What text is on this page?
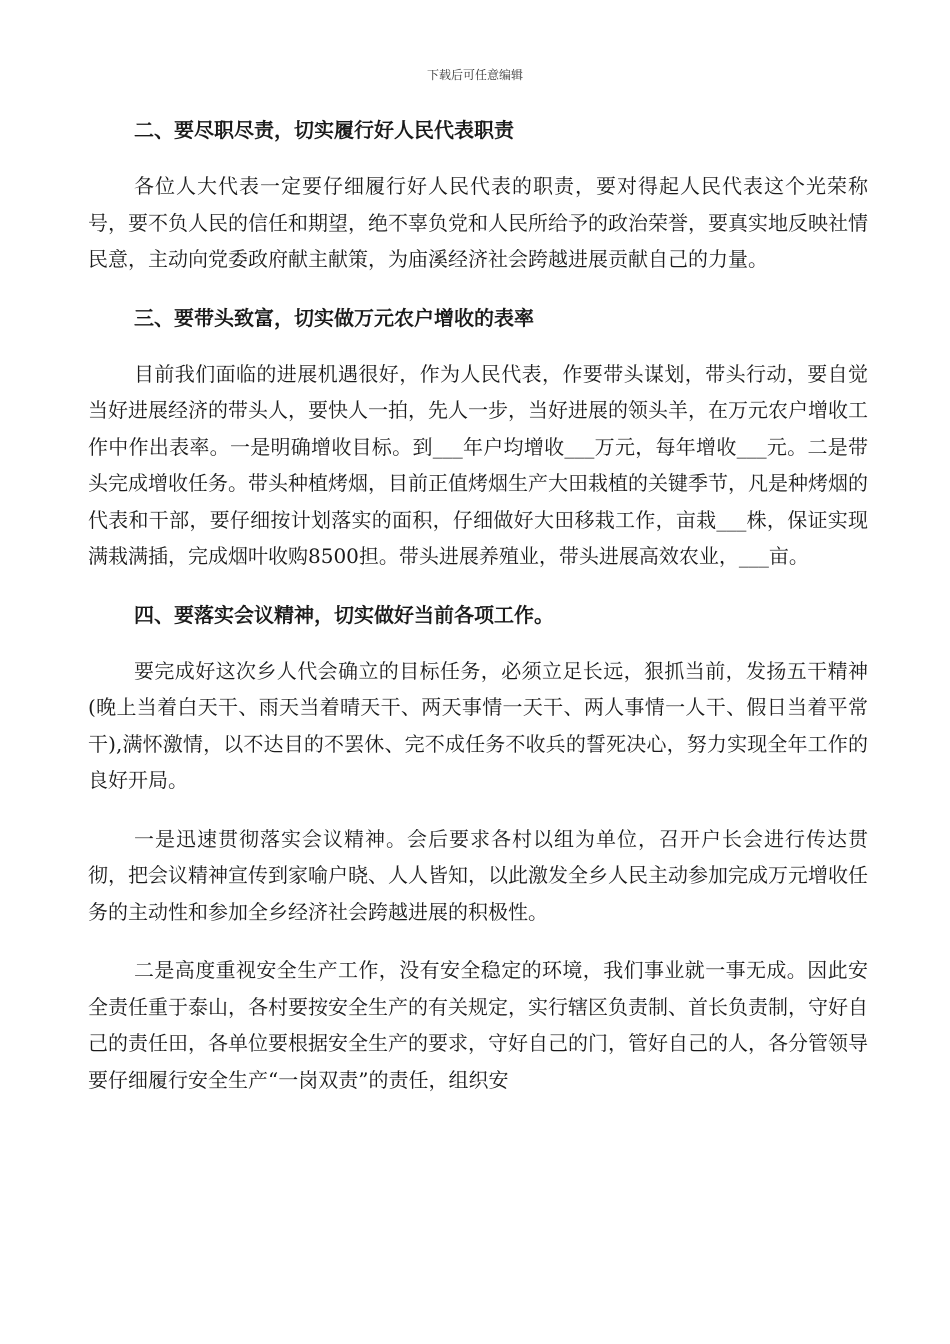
下载后可任意编辑
二、要尽职尽责，切实履行好人民代表职责

各位人大代表一定要仔细履行好人民代表的职责，要对得起人民代表这个光荣称号，要不负人民的信任和期望，绝不辜负党和人民所给予的政治荣誉，要真实地反映社情民意，主动向党委政府献主献策，为庙溪经济社会跨越进展贡献自己的力量。

三、要带头致富，切实做万元农户增收的表率

目前我们面临的进展机遇很好，作为人民代表，作要带头谋划，带头行动，要自觉当好进展经济的带头人，要快人一拍，先人一步，当好进展的领头羊，在万元农户增收工作中作出表率。一是明确增收目标。到___年户均增收___万元，每年增收___元。二是带头完成增收任务。带头种植烤烟，目前正值烤烟生产大田栽植的关键季节，凡是种烤烟的代表和干部，要仔细按计划落实的面积，仔细做好大田移栽工作，亩栽___株，保证实现满栽满插，完成烟叶收购8500担。带头进展养殖业，带头进展高效农业，___亩。

四、要落实会议精神，切实做好当前各项工作。

要完成好这次乡人代会确立的目标任务，必须立足长远，狠抓当前，发扬五干精神(晚上当着白天干、雨天当着晴天干、两天事情一天干、两人事情一人干、假日当着平常干),满怀激情，以不达目的不罢休、完不成任务不收兵的誓死决心，努力实现全年工作的良好开局。

一是迅速贯彻落实会议精神。会后要求各村以组为单位，召开户长会进行传达贯彻，把会议精神宣传到家喻户晓、人人皆知，以此激发全乡人民主动参加完成万元增收任务的主动性和参加全乡经济社会跨越进展的积极性。

二是高度重视安全生产工作，没有安全稳定的环境，我们事业就一事无成。因此安全责任重于泰山，各村要按安全生产的有关规定，实行辖区负责制、首长负责制，守好自己的责任田，各单位要根据安全生产的要求，守好自己的门，管好自己的人，各分管领导要仔细履行安全生产“一岗双责”的责任，组织安
